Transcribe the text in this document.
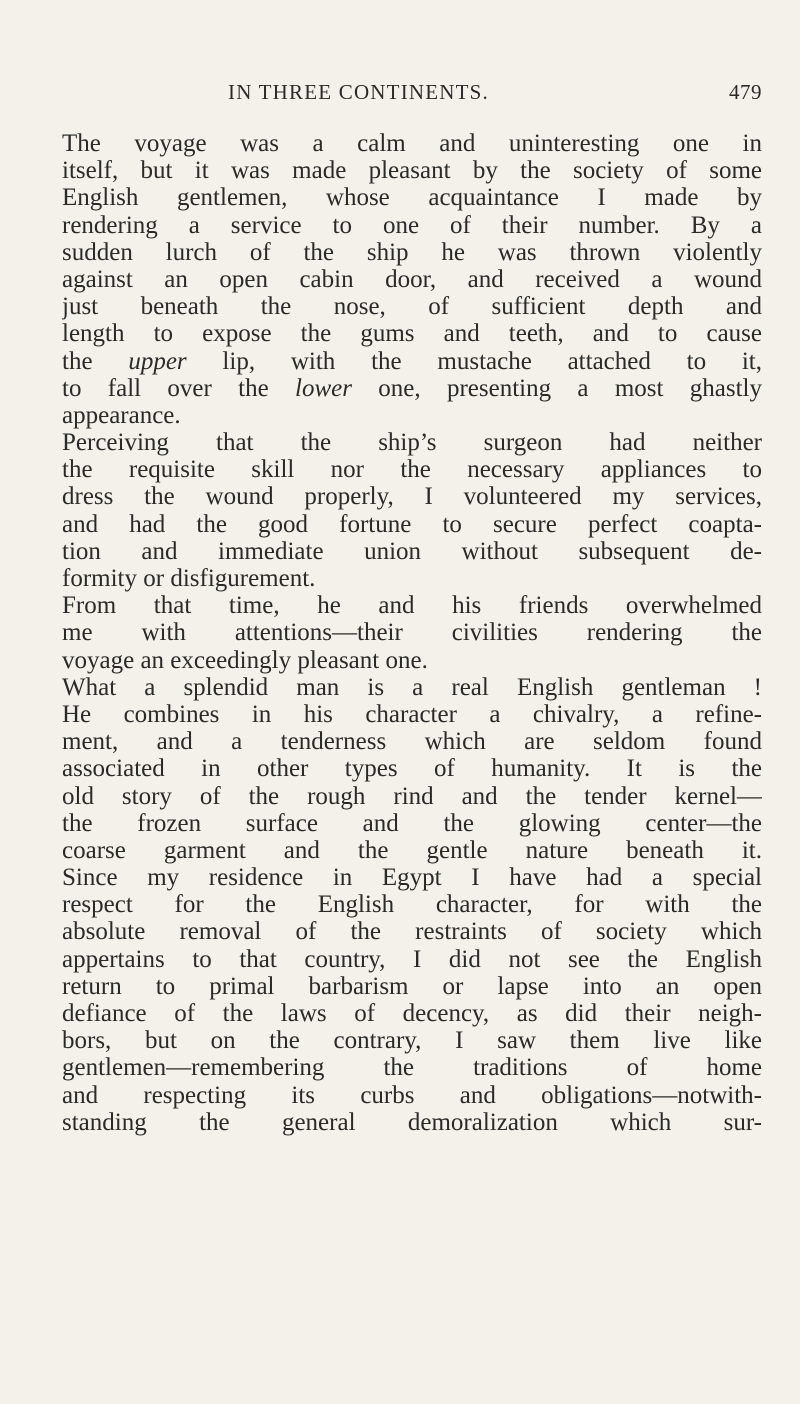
IN THREE CONTINENTS.	479
The voyage was a calm and uninteresting one in
itself, but it was made pleasant by the society of some
English gentlemen, whose acquaintance I made by
rendering a service to one of their number. By a
sudden lurch of the ship he was thrown violently
against an open cabin door, and received a wound
just beneath the nose, of sufficient depth and
length to expose the gums and teeth, and to cause
the upper lip, with the mustache attached to it,
to fall over the lower one, presenting a most ghastly
appearance.
Perceiving that the ship’s surgeon had neither
the requisite skill nor the necessary appliances to
dress the wound properly, I volunteered my services,
and had the good fortune to secure perfect coapta-
tion and immediate union without subsequent de-
formity or disfigurement.
From that time, he and his friends overwhelmed
me with attentions—their civilities rendering the
voyage an exceedingly pleasant one.
What a splendid man is a real English gentleman !
He combines in his character a chivalry, a refine-
ment, and a tenderness which are seldom found
associated in other types of humanity. It is the
old story of the rough rind and the tender kernel—
the frozen surface and the glowing center—the
coarse garment and the gentle nature beneath it.
Since my residence in Egypt I have had a special
respect for the English character, for with the
absolute removal of the restraints of society which
appertains to that country, I did not see the English
return to primal barbarism or lapse into an open
defiance of the laws of decency, as did their neigh-
bors, but on the contrary, I saw them live like
gentlemen—remembering the traditions of home
and respecting its curbs and obligations—notwith-
standing the general demoralization which sur-
